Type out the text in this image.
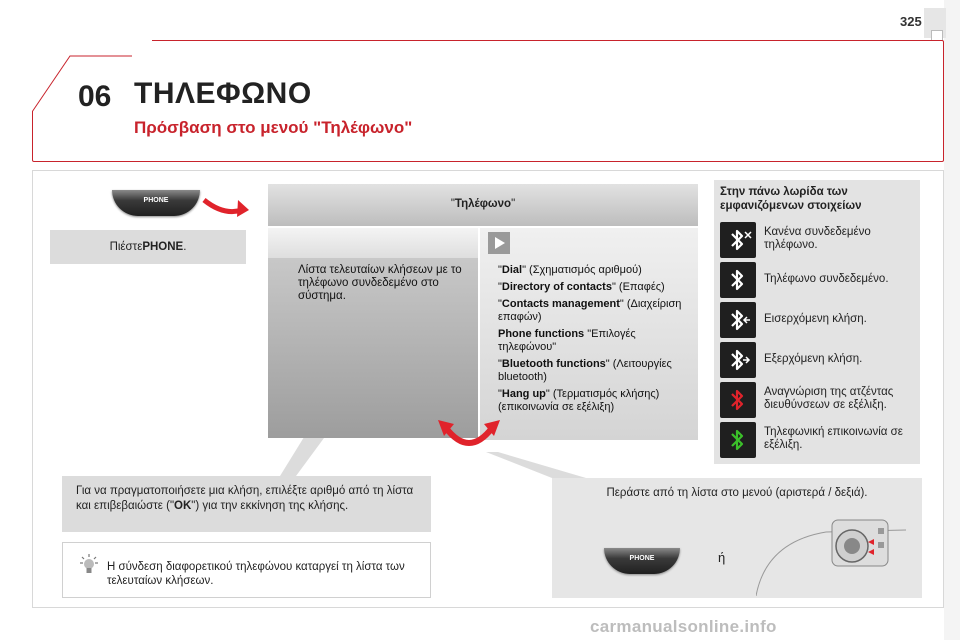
325
06 ΤΗΛΕΦΩΝΟ
Πρόσβαση στο μενού "Τηλέφωνο"
PHONE
Πιέστε PHONE .
"Τηλέφωνο"
Λίστα τελευταίων κλήσεων με το τηλέφωνο συνδεδεμένο στο σύστημα.

"Dial" (Σχηματισμός αριθμού)

"Directory of contacts" (Επαφές)

"Contacts management" (Διαχείριση επαφών)

Phone functions "Επιλογές τηλεφώνου"

"Bluetooth functions" (Λειτουργίες bluetooth)

"Hang up" (Τερματισμός κλήσης) (επικοινωνία σε εξέλιξη)

Στην πάνω λωρίδα των εμφανιζόμενων στοιχείων
Κανένα συνδεδεμένο τηλέφωνο.
Τηλέφωνο συνδεδεμένο.
Εισερχόμενη κλήση.
Εξερχόμενη κλήση.
Αναγνώριση της ατζέντας διευθύνσεων σε εξέλιξη.
Τηλεφωνική επικοινωνία σε εξέλιξη.
Για να πραγματοποιήσετε μια κλήση, επιλέξτε αριθμό από τη λίστα και επιβεβαιώστε ("OK") για την εκκίνηση της κλήσης.
Η σύνδεση διαφορετικού τηλεφώνου καταργεί τη λίστα των τελευταίων κλήσεων.
Περάστε από τη λίστα στο μενού (αριστερά / δεξιά).
PHONE	ή
carmanualsonline.info
